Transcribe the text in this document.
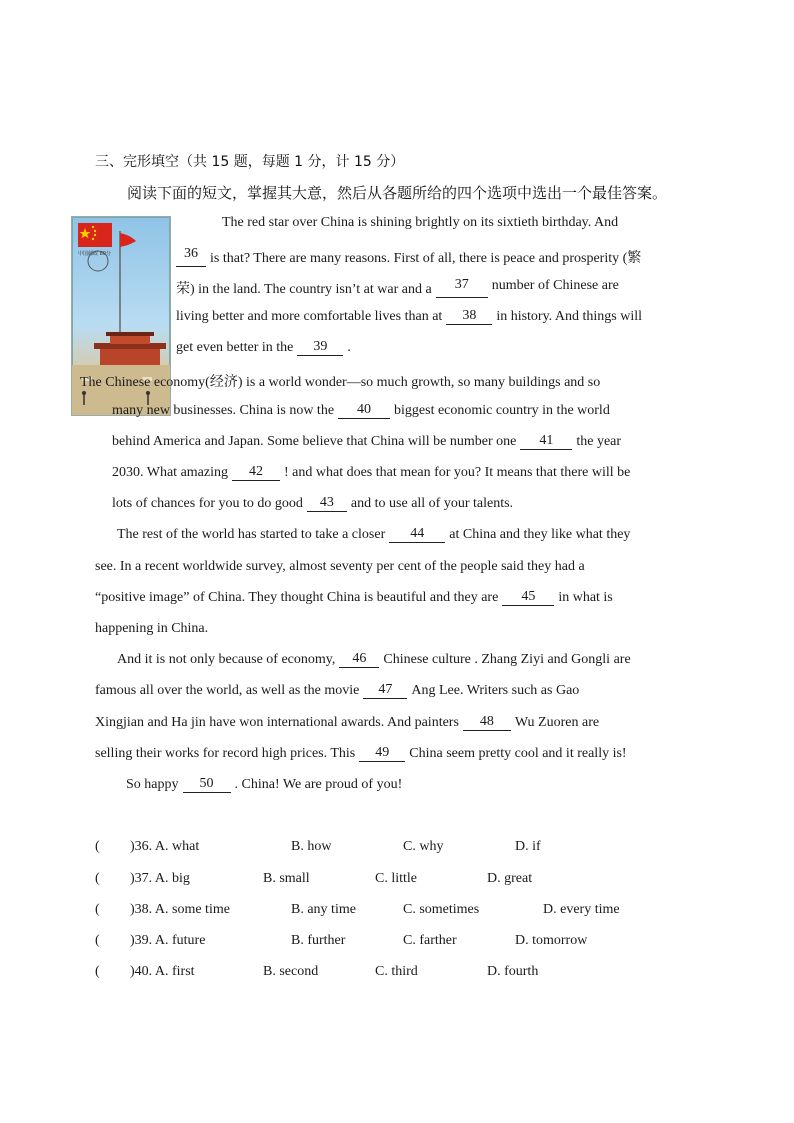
三、完形填空（共 15 题，每题 1 分，计 15 分）
阅读下面的短文，掌握其大意，然后从各题所给的四个选项中选出一个最佳答案。
中国邮政 80分
The red star over China is shining brightly on its sixtieth birthday. And
36 is that? There are many reasons. First of all, there is peace and prosperity (繁
荣) in the land. The country isn’t at war and a	37	number of Chinese are
living better and more comfortable lives than at	38	in history. And things will
get even better in the	39	.
The Chinese economy(经济) is a world wonder—so much growth, so many buildings and so
many new businesses. China is now the	40	biggest economic country in the world
behind America and Japan. Some believe that China will be number one	41	the year
2030. What amazing	42	! and what does that mean for you? It means that there will be
lots of chances for you to do good	43	and to use all of your talents.
The rest of the world has started to take a closer	44	at China and they like what they
see. In a recent worldwide survey, almost seventy per cent of the people said they had a
“positive image” of China. They thought China is beautiful and they are	45	in what is
happening in China.
And it is not only because of economy,	46	Chinese culture . Zhang Ziyi and Gongli are
famous all over the world, as well as the movie	47	Ang Lee. Writers such as Gao
Xingjian and Ha jin have won international awards. And painters	48	Wu Zuoren are
selling their works for record high prices. This	49	China seem pretty cool and it really is!
So happy	50	. China! We are proud of you!
( )36. A. what	B. how	C. why	D. if
( )37. A. big	B. small	C. little	D. great
( )38. A. some time	B. any time	C. sometimes	D. every time
( )39. A. future	B. further	C. farther	D. tomorrow
( )40. A. first	B. second	C. third	D. fourth
